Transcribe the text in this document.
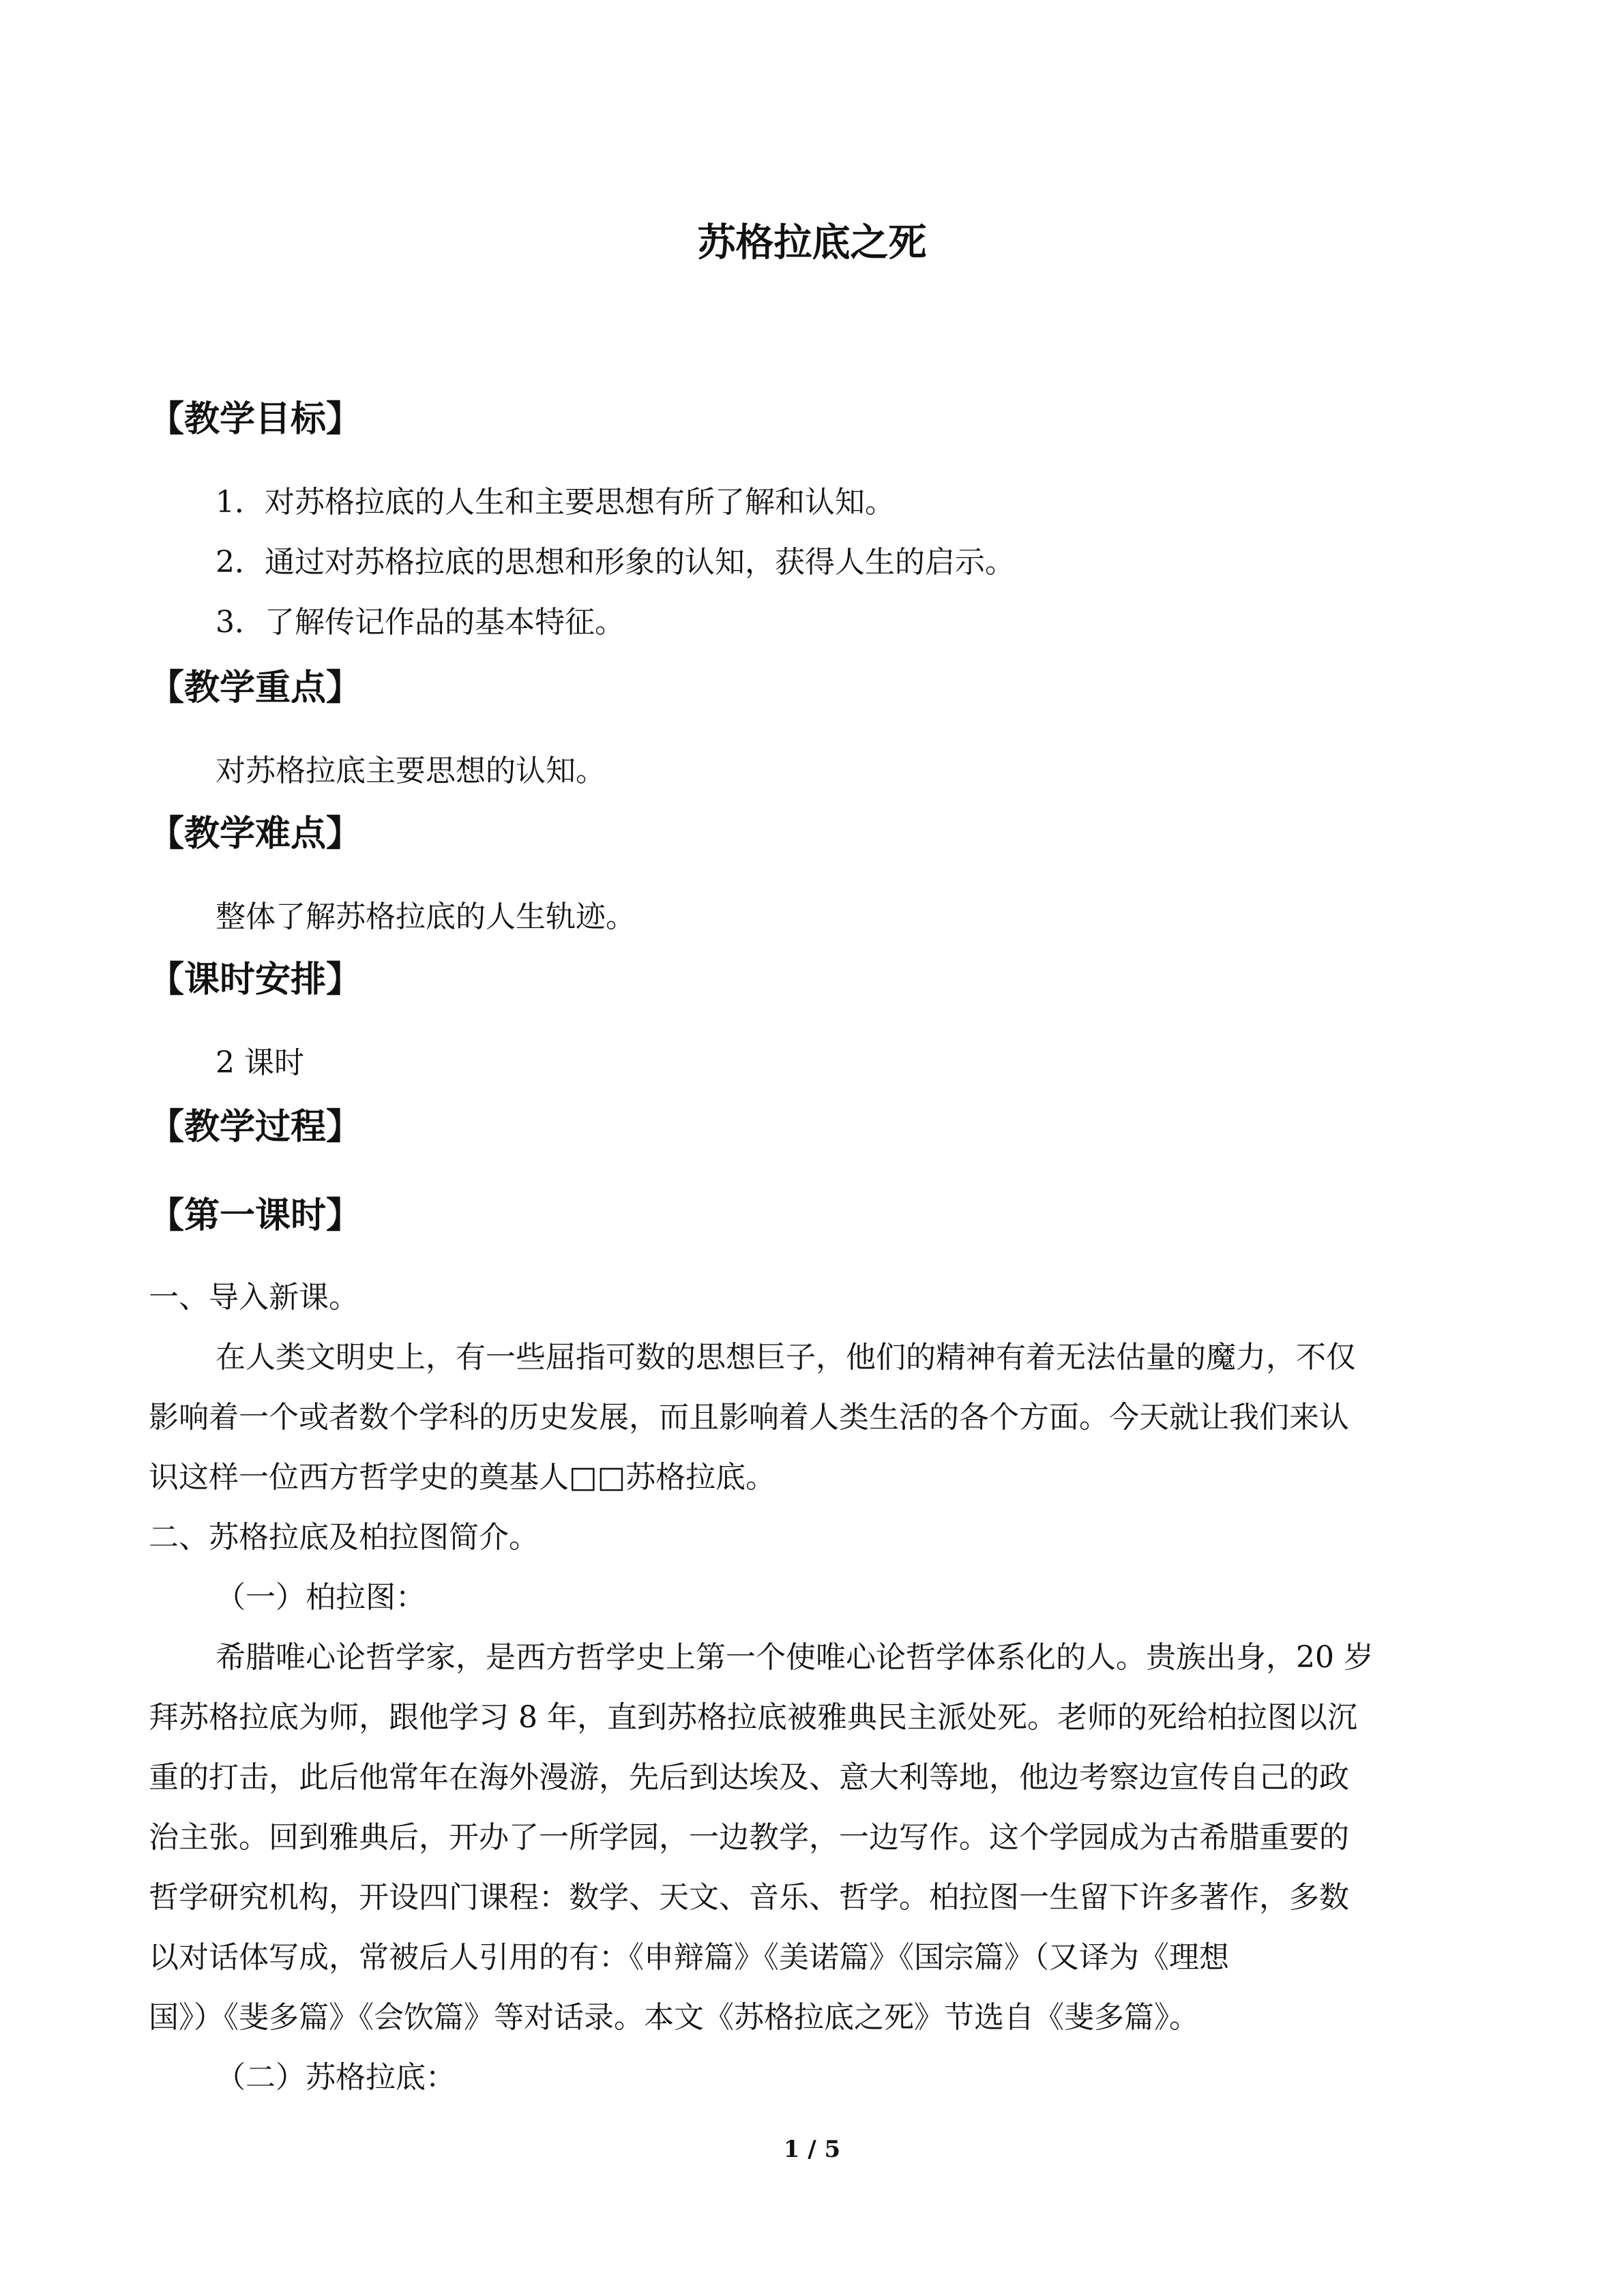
苏格拉底之死
【教学目标】
1．对苏格拉底的人生和主要思想有所了解和认知。
2．通过对苏格拉底的思想和形象的认知，获得人生的启示。
3．了解传记作品的基本特征。
【教学重点】
对苏格拉底主要思想的认知。
【教学难点】
整体了解苏格拉底的人生轨迹。
【课时安排】
2 课时
【教学过程】
【第一课时】
一、导入新课。
在人类文明史上，有一些屈指可数的思想巨子，他们的精神有着无法估量的魔力，不仅
影响着一个或者数个学科的历史发展，而且影响着人类生活的各个方面。今天就让我们来认
识这样一位西方哲学史的奠基人□□苏格拉底。
二、苏格拉底及柏拉图简介。
（一）柏拉图：
希腊唯心论哲学家，是西方哲学史上第一个使唯心论哲学体系化的人。贵族出身，20 岁
拜苏格拉底为师，跟他学习 8 年，直到苏格拉底被雅典民主派处死。老师的死给柏拉图以沉
重的打击，此后他常年在海外漫游，先后到达埃及、意大利等地，他边考察边宣传自己的政
治主张。回到雅典后，开办了一所学园，一边教学，一边写作。这个学园成为古希腊重要的
哲学研究机构，开设四门课程：数学、天文、音乐、哲学。柏拉图一生留下许多著作，多数
以对话体写成，常被后人引用的有：《申辩篇》《美诺篇》《国宗篇》（又译为《理想
国》）《斐多篇》《会饮篇》等对话录。本文《苏格拉底之死》节选自《斐多篇》。
（二）苏格拉底：
1 / 5
